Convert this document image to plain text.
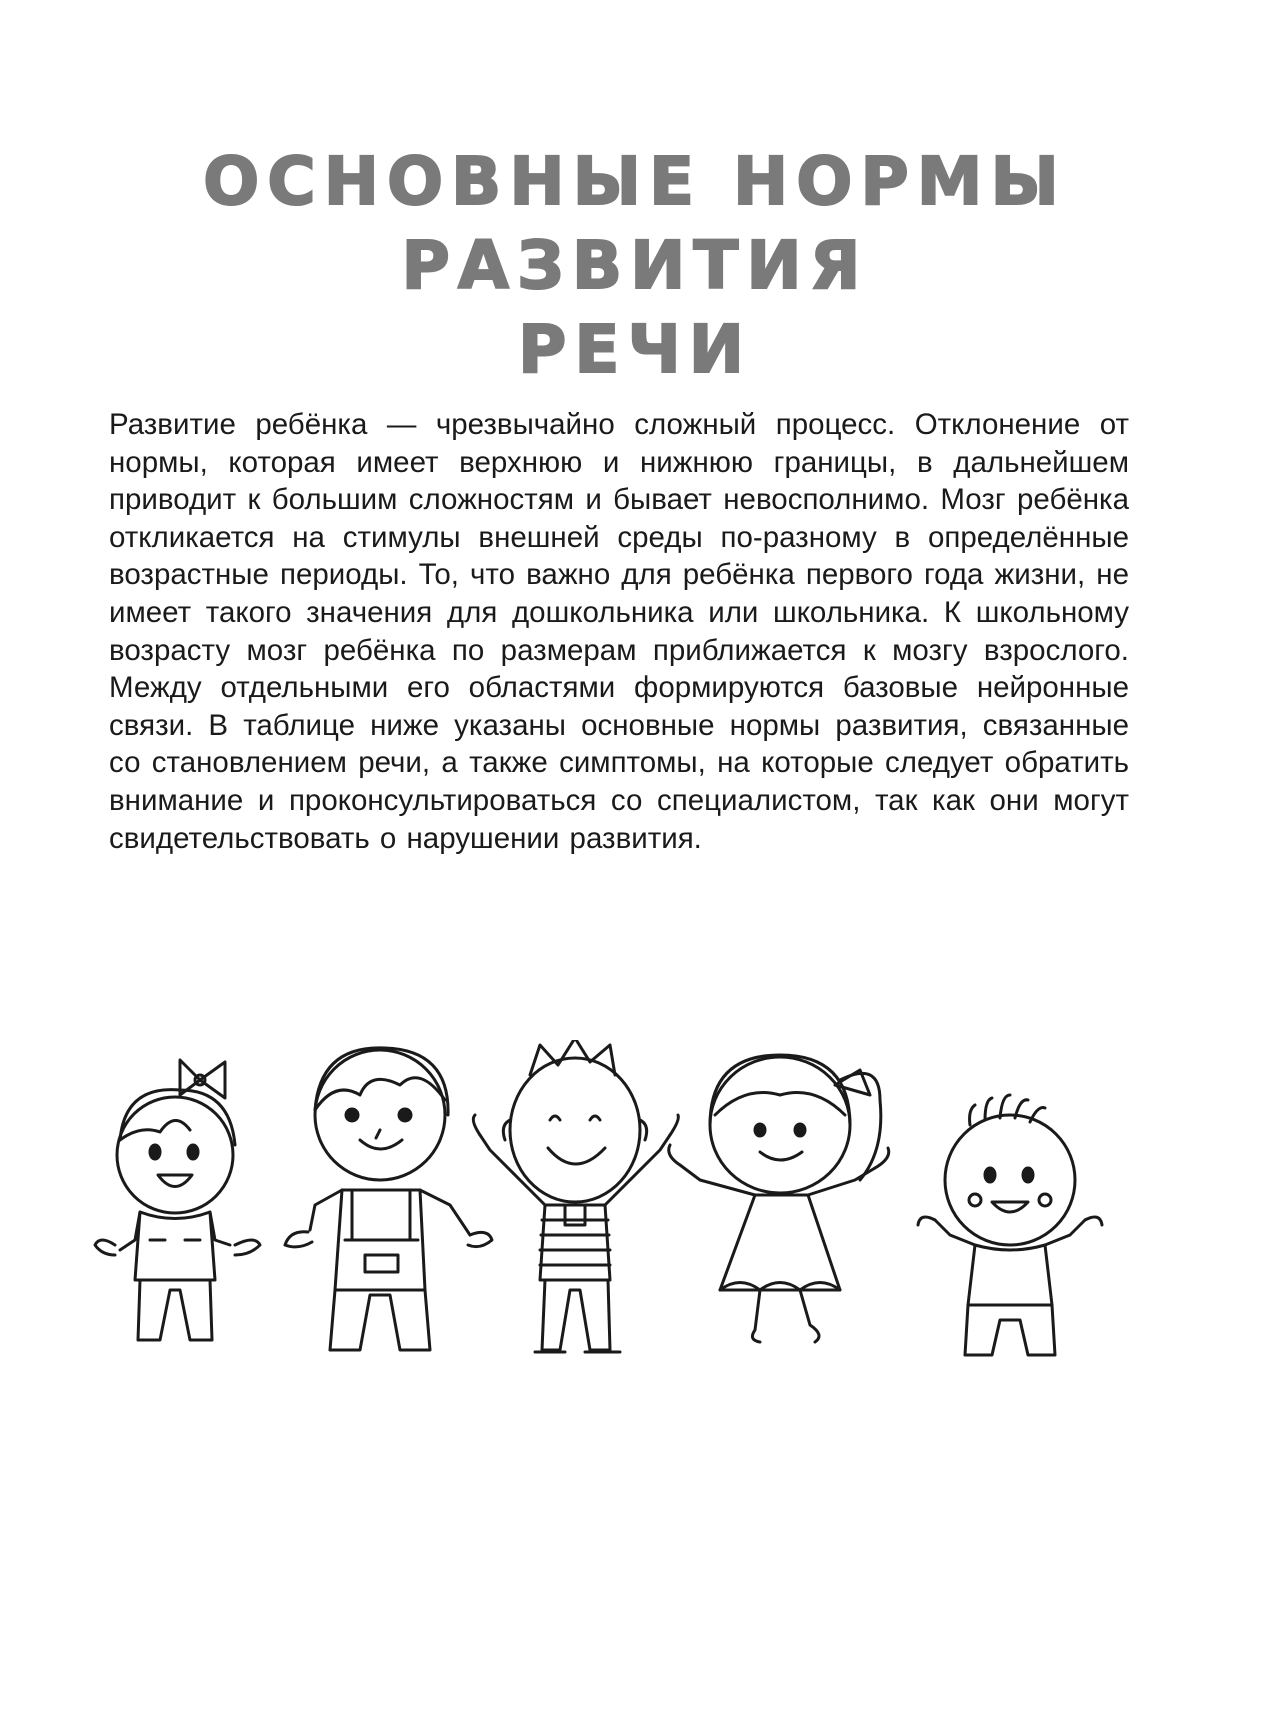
ОСНОВНЫЕ НОРМЫ
РАЗВИТИЯ
РЕЧИ

Развитие ребёнка — чрезвычайно сложный процесс. Отклонение от нормы, которая имеет верхнюю и нижнюю границы, в дальнейшем приводит к большим сложностям и бывает невосполнимо. Мозг ребёнка откликается на стимулы внешней среды по-разному в определённые возрастные периоды. То, что важно для ребёнка первого года жизни, не имеет такого значения для дошкольника или школьника. К школьному возрасту мозг ребёнка по размерам приближается к мозгу взрослого. Между отдельными его областями формируются базовые нейронные связи. В таблице ниже указаны основные нормы развития, связанные со становлением речи, а также симптомы, на которые следует обратить внимание и проконсультироваться со специалистом, так как они могут свидетельствовать о нарушении развития.
